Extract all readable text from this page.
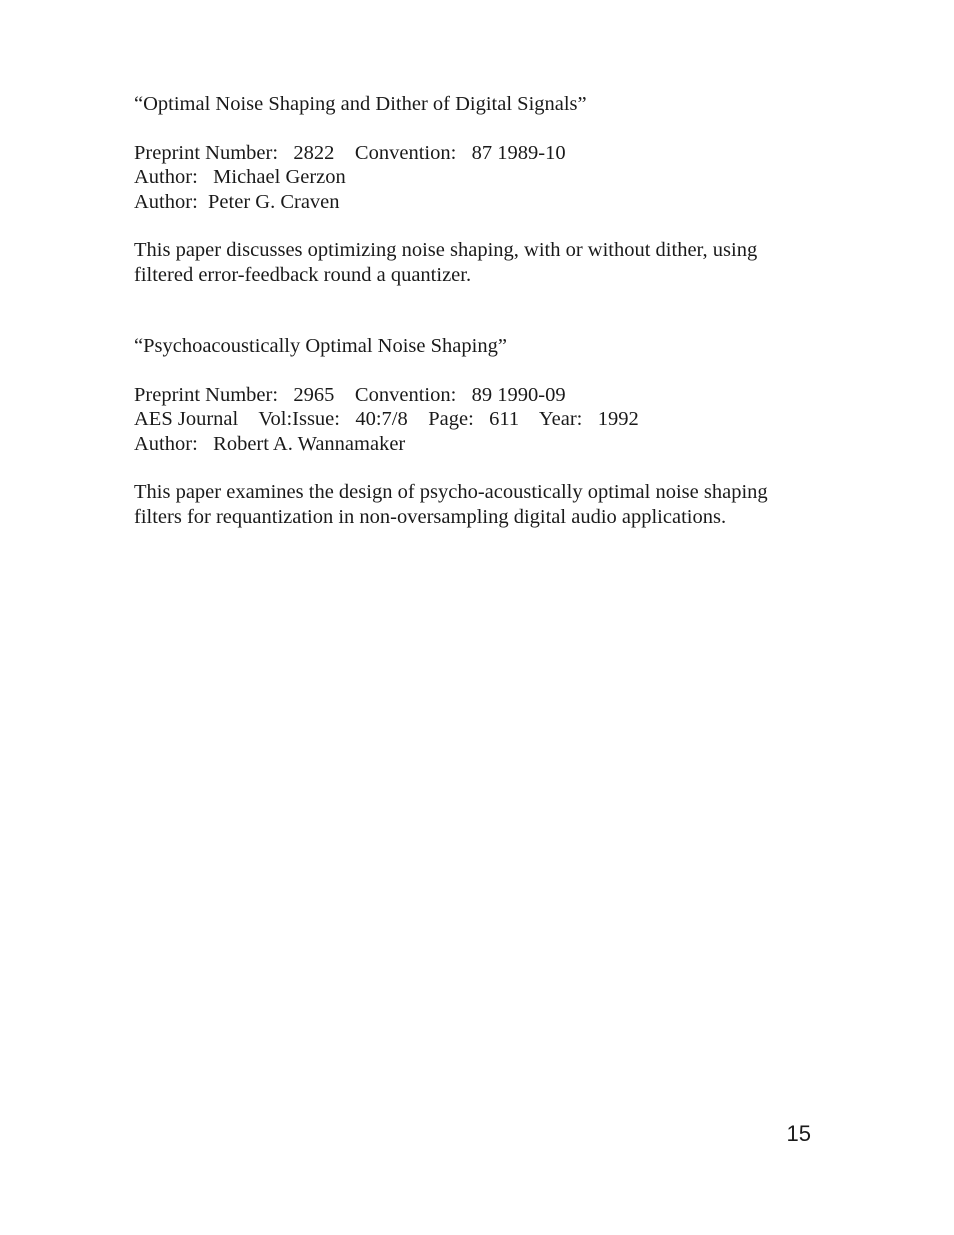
“Optimal Noise Shaping and Dither of Digital Signals”

Preprint Number:   2822    Convention:   87 1989-10

Author:   Michael Gerzon

Author:  Peter G. Craven

This paper discusses optimizing noise shaping, with or without dither, using

filtered error-feedback round a quantizer.

“Psychoacoustically Optimal Noise Shaping”

Preprint Number:   2965    Convention:   89 1990-09

AES Journal    Vol:Issue:   40:7/8    Page:   611    Year:   1992

Author:   Robert A. Wannamaker

This paper examines the design of psycho-acoustically optimal noise shaping

filters for requantization in non-oversampling digital audio applications.

15
